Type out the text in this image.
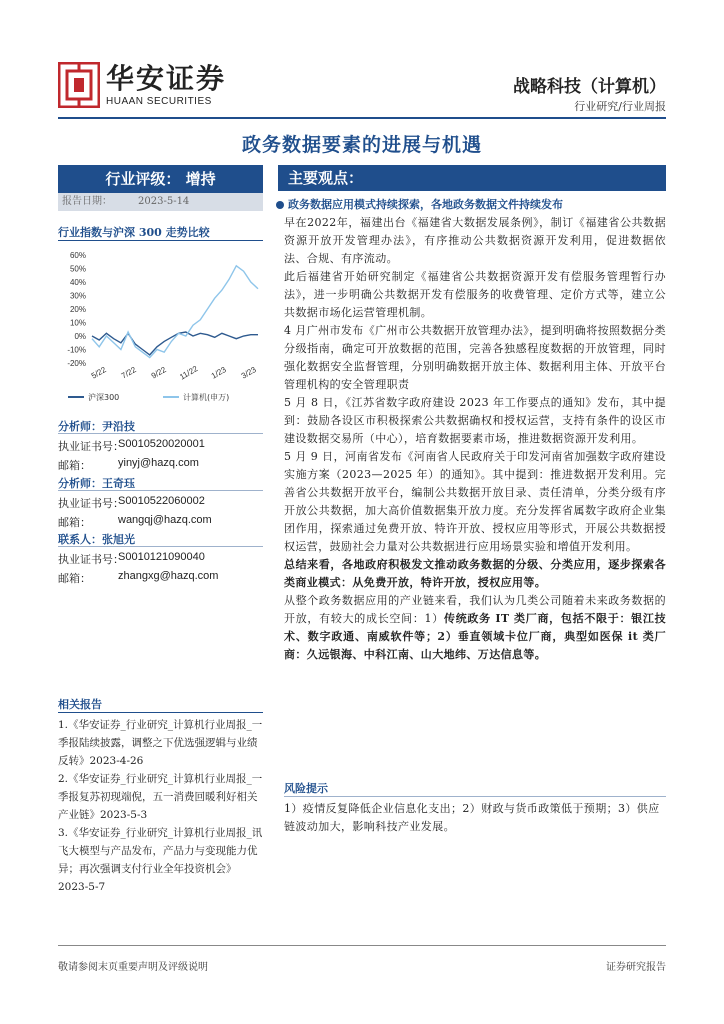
华安证券
HUAAN SECURITIES
战略科技（计算机）
行业研究/行业周报
政务数据要素的进展与机遇
行业评级： 增持
报告日期：	2023-5-14
行业指数与沪深 300 走势比较
60%
50%
40%
30%
20%
10%
0%
-10%
-20%
5/22 7/22 9/22 11/22 1/23 3/23
沪深300	计算机(申万)
分析师：尹沿技
执业证书号：
S0010520020001
邮箱： yinyj@hazq.com
分析师：王奇珏
执业证书号：
S0010522060002
邮箱： wangqj@hazq.com
联系人：张旭光
执业证书号：
S0010121090040
邮箱： zhangxg@hazq.com
相关报告
1.《华安证券_行业研究_计算机行业周报_一季报陆续披露，调整之下优选强逻辑与业绩反转》2023-4-26
2.《华安证券_行业研究_计算机行业周报_一季报复苏初现端倪，五一消费回暖利好相关产业链》2023-5-3
3.《华安证券_行业研究_计算机行业周报_讯飞大模型与产品发布，产品力与变现能力优异；再次强调支付行业全年投资机会》2023-5-7
主要观点：
政务数据应用模式持续探索，各地政务数据文件持续发布

早在2022年，福建出台《福建省大数据发展条例》，制订《福建省公共数据资源开放开发管理办法》，有序推动公共数据资源开发利用，促进数据依法、合规、有序流动。

此后福建省开始研究制定《福建省公共数据资源开发有偿服务管理暂行办法》，进一步明确公共数据开发有偿服务的收费管理、定价方式等，建立公共数据市场化运营管理机制。

4 月广州市发布《广州市公共数据开放管理办法》，提到明确将按照数据分类分级指南，确定可开放数据的范围，完善各独感程度数据的开放管理，同时强化数据安全监督管理，分别明确数据开放主体、数据利用主体、开放平台管理机构的安全管理职责

5 月 8 日，《江苏省数字政府建设 2023 年工作要点的通知》发布，其中提到：鼓励各设区市积极探索公共数据确权和授权运营，支持有条件的设区市建设数据交易所（中心），培育数据要素市场，推进数据资源开发利用。

5 月 9 日，河南省发布《河南省人民政府关于印发河南省加强数字政府建设实施方案（2023—2025 年）的通知》。其中提到：推进数据开发利用。完善省公共数据开放平台，编制公共数据开放目录、责任清单，分类分级有序开放公共数据，加大高价值数据集开放力度。充分发挥省属数字政府企业集团作用，探索通过免费开放、特许开放、授权应用等形式，开展公共数据授权运营，鼓励社会力量对公共数据进行应用场景实验和增值开发利用。

总结来看，各地政府积极发文推动政务数据的分级、分类应用，逐步探索各类商业模式：从免费开放，特许开放，授权应用等。

从整个政务数据应用的产业链来看，我们认为几类公司随着未来政务数据的开放，有较大的成长空间：1）传统政务 IT 类厂商，包括不限于：银江技术、数字政通、南威软件等；2）垂直领域卡位厂商，典型如医保 it 类厂商：久远银海、中科江南、山大地纬、万达信息等。

风险提示
1）疫情反复降低企业信息化支出；2）财政与货币政策低于预期；3）供应链波动加大，影响科技产业发展。
敬请参阅末页重要声明及评级说明	证券研究报告
